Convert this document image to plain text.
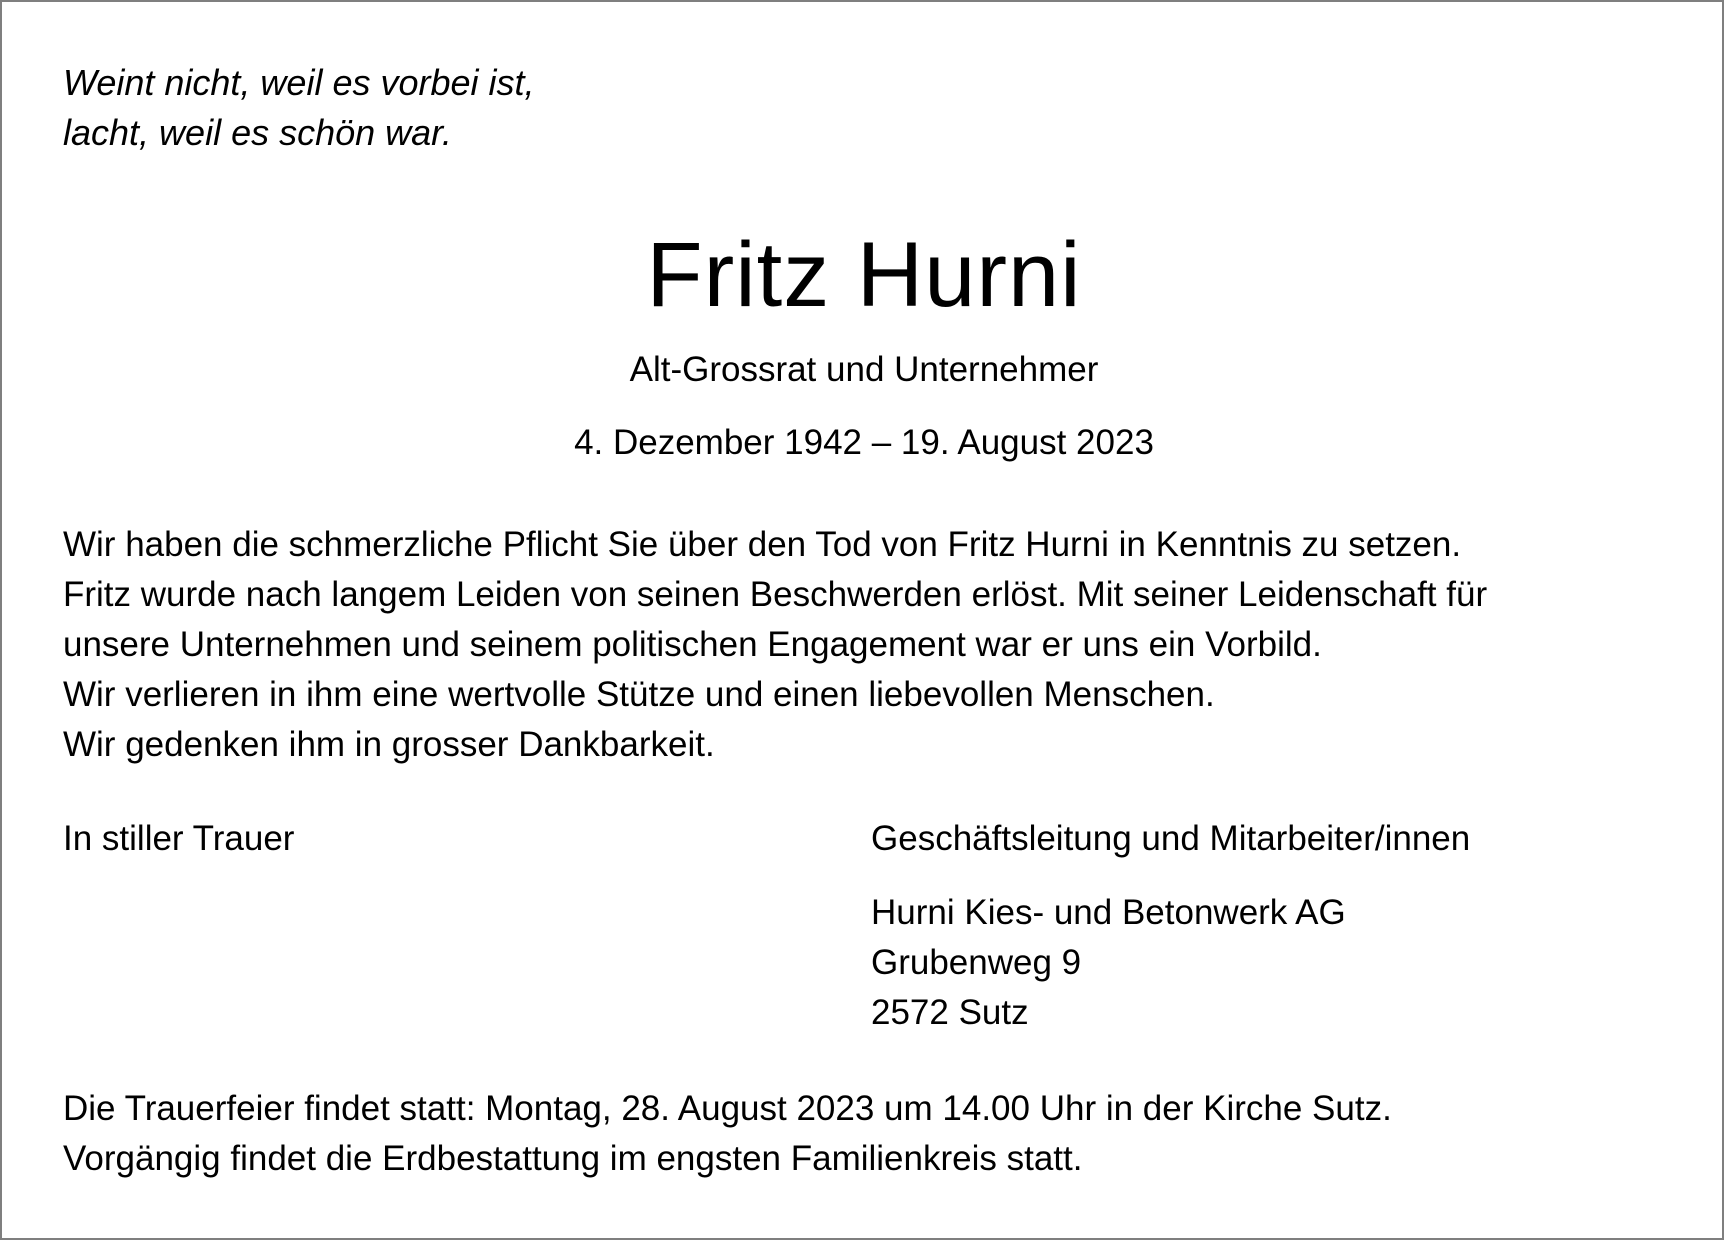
Weint nicht, weil es vorbei ist,
lacht, weil es schön war.

Fritz Hurni

Alt-Grossrat und Unternehmer

4. Dezember 1942 – 19. August 2023

Wir haben die schmerzliche Pflicht Sie über den Tod von Fritz Hurni in Kenntnis zu setzen.
Fritz wurde nach langem Leiden von seinen Beschwerden erlöst. Mit seiner Leidenschaft für
unsere Unternehmen und seinem politischen Engagement war er uns ein Vorbild.
Wir verlieren in ihm eine wertvolle Stütze und einen liebevollen Menschen.
Wir gedenken ihm in grosser Dankbarkeit.

In stiller Trauer	Geschäftsleitung und Mitarbeiter/innen

Hurni Kies- und Betonwerk AG
Grubenweg 9
2572 Sutz

Die Trauerfeier findet statt: Montag, 28. August 2023 um 14.00 Uhr in der Kirche Sutz.
Vorgängig findet die Erdbestattung im engsten Familienkreis statt.
